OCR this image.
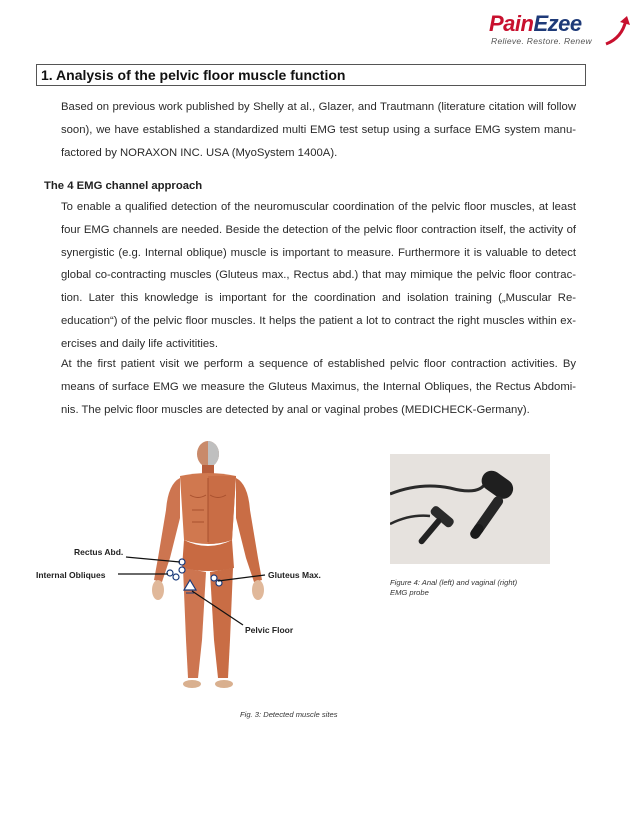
PainEzee
Relieve. Restore. Renew
1. Analysis of the pelvic floor muscle function
Based on previous work published by Shelly at al., Glazer, and Trautmann (literature citation will follow soon), we have established a standardized multi EMG test setup using a surface EMG system manu-factored by NORAXON INC. USA (MyoSystem 1400A).
The 4 EMG channel approach
To enable a qualified detection of the neuromuscular coordination of the pelvic floor muscles, at least four EMG channels are needed. Beside the detection of the pelvic floor contraction itself, the activity of synergistic (e.g. Internal oblique) muscle is important to measure. Furthermore it is valuable to detect global co-contracting muscles (Gluteus max., Rectus abd.) that may mimique the pelvic floor contrac-tion. Later this knowledge is important for the coordination and isolation training („Muscular Re-education“) of the pelvic floor muscles. It helps the patient a lot to contract the right muscles within ex-ercises and daily life activitities.
At the first patient visit we perform a sequence of established pelvic floor contraction activities. By means of surface EMG we measure the Gluteus Maximus, the Internal Obliques, the Rectus Abdomi-nis. The pelvic floor muscles are detected by anal or vaginal probes (MEDICHECK-Germany).
Rectus Abd.
Internal Obliques	Gluteus Max.
Pelvic Floor
Fig. 3: Detected muscle sites
Figure 4: Anal (left) and vaginal (right)
EMG probe
